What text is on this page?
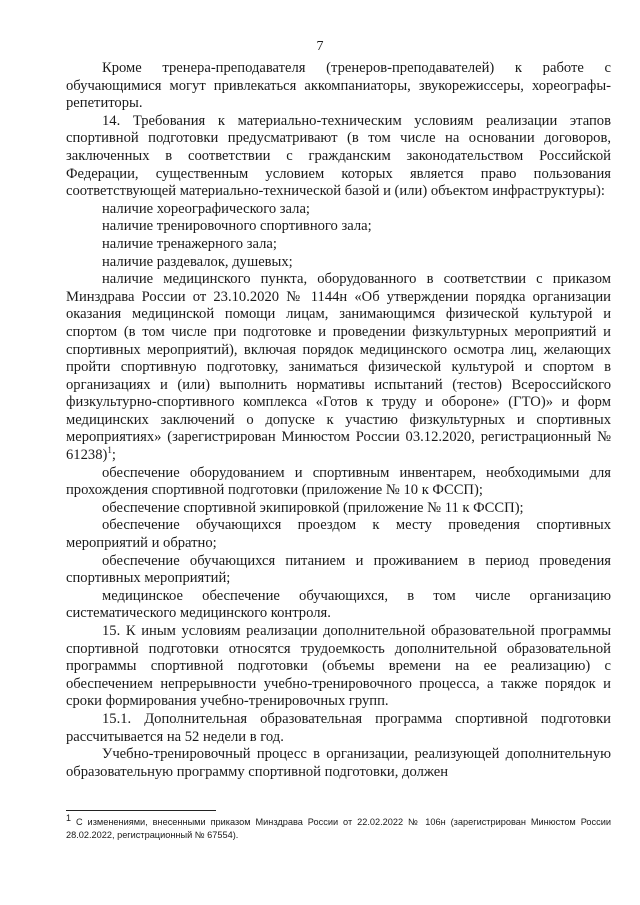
7

Кроме тренера-преподавателя (тренеров-преподавателей) к работе с обучающимися могут привлекаться аккомпаниаторы, звукорежиссеры, хореографы-репетиторы.

14. Требования к материально-техническим условиям реализации этапов спортивной подготовки предусматривают (в том числе на основании договоров, заключенных в соответствии с гражданским законодательством Российской Федерации, существенным условием которых является право пользования соответствующей материально-технической базой и (или) объектом инфраструктуры):

наличие хореографического зала;

наличие тренировочного спортивного зала;

наличие тренажерного зала;

наличие раздевалок, душевых;

наличие медицинского пункта, оборудованного в соответствии с приказом Минздрава России от 23.10.2020 № 1144н «Об утверждении порядка организации оказания медицинской помощи лицам, занимающимся физической культурой и спортом (в том числе при подготовке и проведении физкультурных мероприятий и спортивных мероприятий), включая порядок медицинского осмотра лиц, желающих пройти спортивную подготовку, заниматься физической культурой и спортом в организациях и (или) выполнить нормативы испытаний (тестов) Всероссийского физкультурно-спортивного комплекса «Готов к труду и обороне» (ГТО)» и форм медицинских заключений о допуске к участию физкультурных и спортивных мероприятиях» (зарегистрирован Минюстом России 03.12.2020, регистрационный № 61238)$^1$;

обеспечение оборудованием и спортивным инвентарем, необходимыми для прохождения спортивной подготовки (приложение № 10 к ФССП);

обеспечение спортивной экипировкой (приложение № 11 к ФССП);

обеспечение обучающихся проездом к месту проведения спортивных мероприятий и обратно;

обеспечение обучающихся питанием и проживанием в период проведения спортивных мероприятий;

медицинское обеспечение обучающихся, в том числе организацию систематического медицинского контроля.

15. К иным условиям реализации дополнительной образовательной программы спортивной подготовки относятся трудоемкость дополнительной образовательной программы спортивной подготовки (объемы времени на ее реализацию) с обеспечением непрерывности учебно-тренировочного процесса, а также порядок и сроки формирования учебно-тренировочных групп.

15.1. Дополнительная образовательная программа спортивной подготовки рассчитывается на 52 недели в год.

Учебно-тренировочный процесс в организации, реализующей дополнительную образовательную программу спортивной подготовки, должен

$^1$ С изменениями, внесенными приказом Минздрава России от 22.02.2022 № 106н (зарегистрирован Минюстом России 28.02.2022, регистрационный № 67554).
